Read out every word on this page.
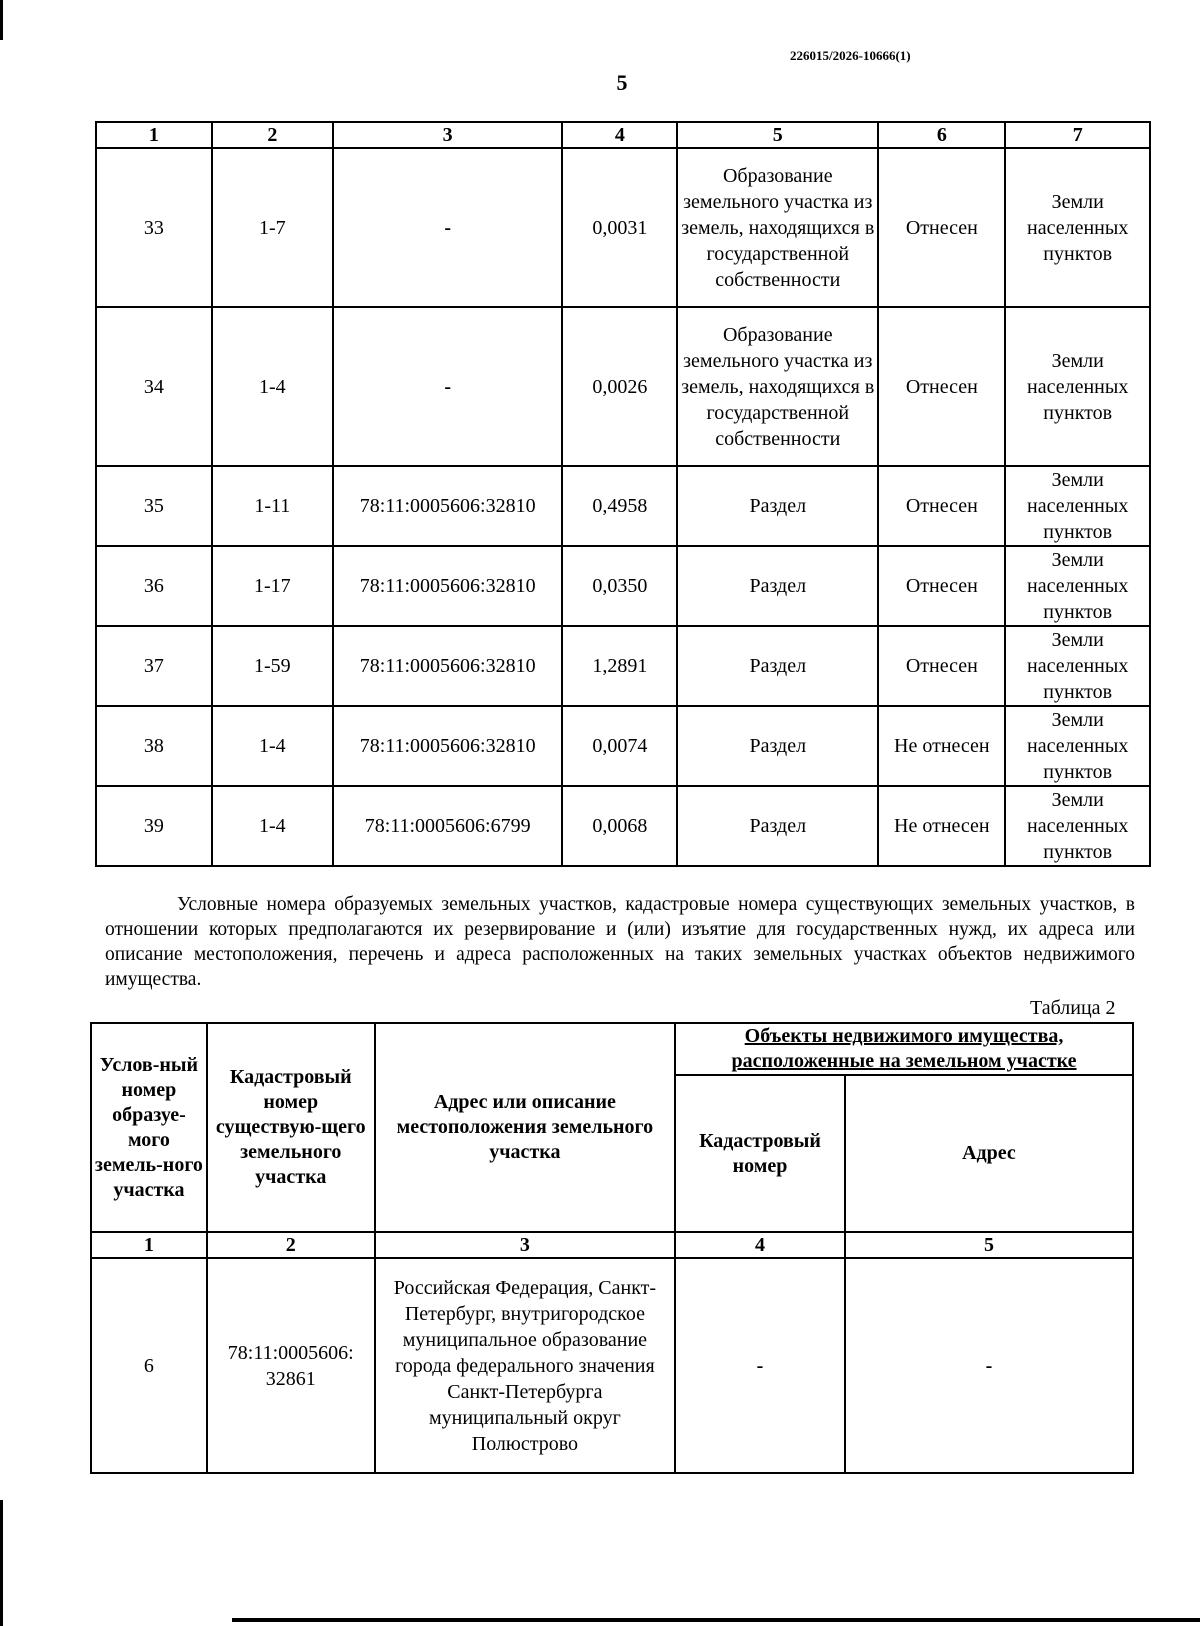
226015/2026-10666(1)
5
1	2	3	4	5	6	7
33	1-7	-	0,0031	Образование земельного участка из земель, находящихся в государственной собственности	Отнесен	Земли населенных пунктов
34	1-4	-	0,0026	Образование земельного участка из земель, находящихся в государственной собственности	Отнесен	Земли населенных пунктов
35	1-11	78:11:0005606:32810	0,4958	Раздел	Отнесен	Земли населенных пунктов
36	1-17	78:11:0005606:32810	0,0350	Раздел	Отнесен	Земли населенных пунктов
37	1-59	78:11:0005606:32810	1,2891	Раздел	Отнесен	Земли населенных пунктов
38	1-4	78:11:0005606:32810	0,0074	Раздел	Не отнесен	Земли населенных пунктов
39	1-4	78:11:0005606:6799	0,0068	Раздел	Не отнесен	Земли населенных пунктов
Условные номера образуемых земельных участков, кадастровые номера существующих земельных участков, в отношении которых предполагаются их резервирование и (или) изъятие для государственных нужд, их адреса или описание местоположения, перечень и адреса расположенных на таких земельных участках объектов недвижимого имущества.
Таблица 2
Услов-ный номер образуе-мого земель-ного участка	Кадастровый номер существую-щего земельного участка	Адрес или описание местоположения земельного участка	Объекты недвижимого имущества, расположенные на земельном участке	
			Кадастровый номер	Адрес
1	2	3	4	5
6	78:11:0005606: 32861	Российская Федерация, Санкт-Петербург, внутригородское муниципальное образование города федерального значения Санкт-Петербурга муниципальный округ Полюстрово	-	-
